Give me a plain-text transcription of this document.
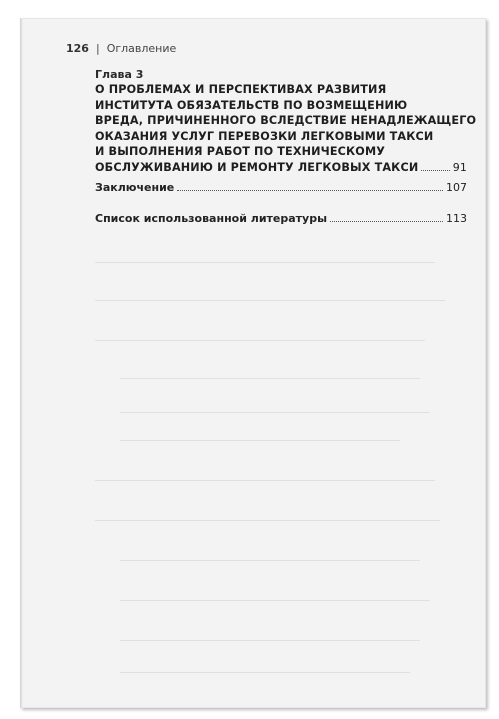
126 | Оглавление
Глава 3
О ПРОБЛЕМАХ И ПЕРСПЕКТИВАХ РАЗВИТИЯ
ИНСТИТУТА ОБЯЗАТЕЛЬСТВ ПО ВОЗМЕЩЕНИЮ
ВРЕДА, ПРИЧИНЕННОГО ВСЛЕДСТВИЕ НЕНАДЛЕЖАЩЕГО
ОКАЗАНИЯ УСЛУГ ПЕРЕВОЗКИ ЛЕГКОВЫМИ ТАКСИ
И ВЫПОЛНЕНИЯ РАБОТ ПО ТЕХНИЧЕСКОМУ
ОБСЛУЖИВАНИЮ И РЕМОНТУ ЛЕГКОВЫХ ТАКСИ	91
Заключение	107
Список использованной литературы	113
